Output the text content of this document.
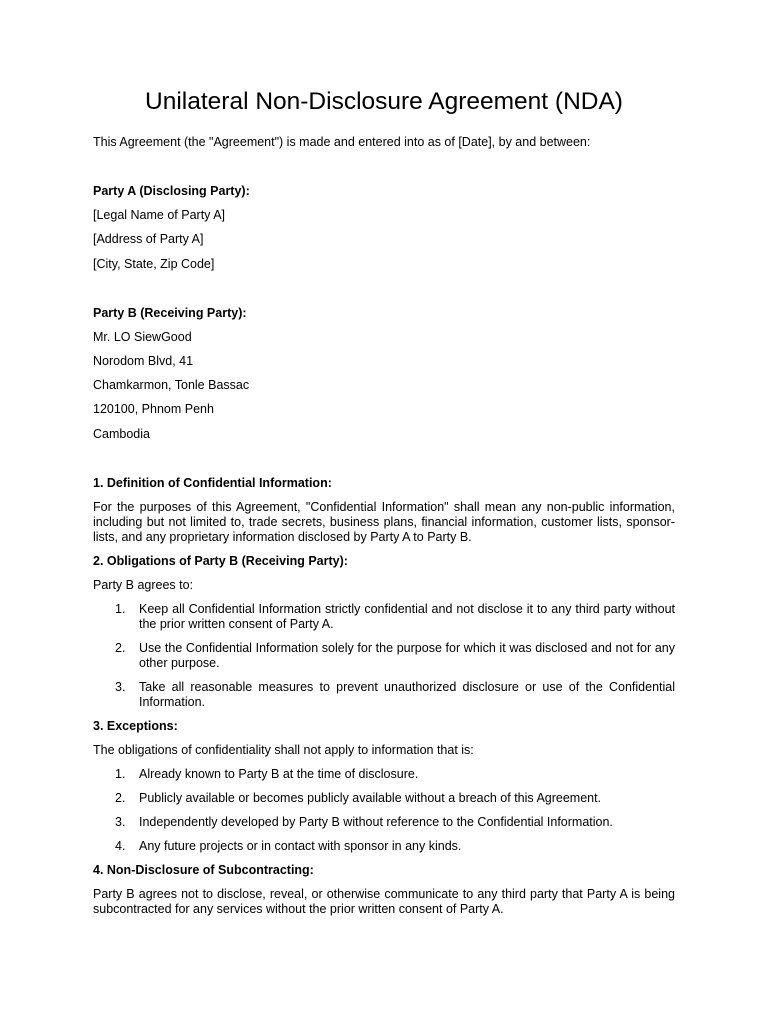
Unilateral Non-Disclosure Agreement (NDA)

This Agreement (the "Agreement") is made and entered into as of [Date], by and between:

Party A (Disclosing Party):

[Legal Name of Party A]

[Address of Party A]

[City, State, Zip Code]

Party B (Receiving Party):

Mr. LO SiewGood

Norodom Blvd, 41

Chamkarmon, Tonle Bassac

120100, Phnom Penh

Cambodia

1. Definition of Confidential Information:

For the purposes of this Agreement, "Confidential Information" shall mean any non-public information, including but not limited to, trade secrets, business plans, financial information, customer lists, sponsor-lists, and any proprietary information disclosed by Party A to Party B.

2. Obligations of Party B (Receiving Party):

Party B agrees to:

1. Keep all Confidential Information strictly confidential and not disclose it to any third party without the prior written consent of Party A.
2. Use the Confidential Information solely for the purpose for which it was disclosed and not for any other purpose.
3. Take all reasonable measures to prevent unauthorized disclosure or use of the Confidential Information.

3. Exceptions:

The obligations of confidentiality shall not apply to information that is:

1. Already known to Party B at the time of disclosure.
2. Publicly available or becomes publicly available without a breach of this Agreement.
3. Independently developed by Party B without reference to the Confidential Information.
4. Any future projects or in contact with sponsor in any kinds.

4. Non-Disclosure of Subcontracting:

Party B agrees not to disclose, reveal, or otherwise communicate to any third party that Party A is being subcontracted for any services without the prior written consent of Party A.
